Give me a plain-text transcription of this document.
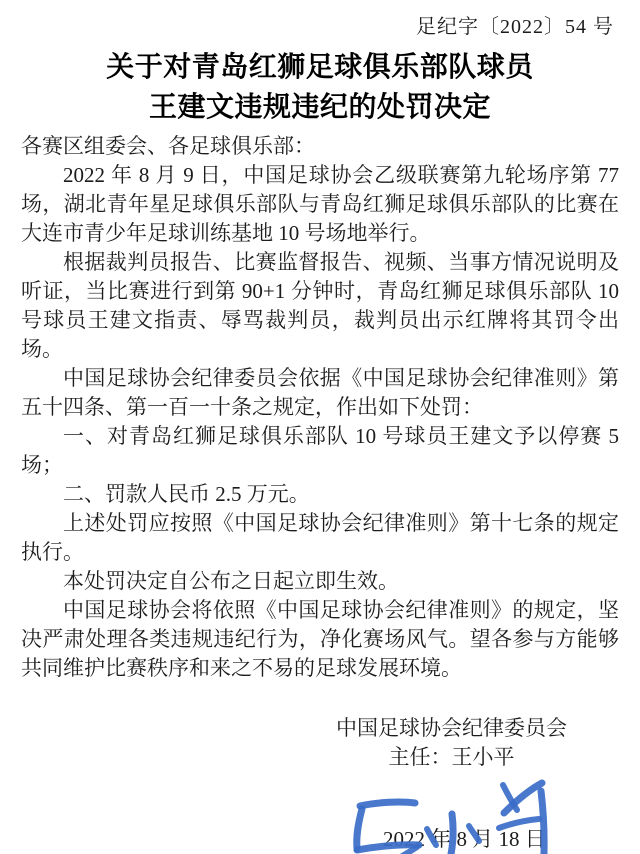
足纪字〔2022〕54 号
关于对青岛红狮足球俱乐部队球员
王建文违规违纪的处罚决定

各赛区组委会、各足球俱乐部：

2022 年 8 月 9 日，中国足球协会乙级联赛第九轮场序第 77 场，湖北青年星足球俱乐部队与青岛红狮足球俱乐部队的比赛在大连市青少年足球训练基地 10 号场地举行。

根据裁判员报告、比赛监督报告、视频、当事方情况说明及听证，当比赛进行到第 90+1 分钟时，青岛红狮足球俱乐部队 10 号球员王建文指责、辱骂裁判员，裁判员出示红牌将其罚令出场。

中国足球协会纪律委员会依据《中国足球协会纪律准则》第五十四条、第一百一十条之规定，作出如下处罚：

一、对青岛红狮足球俱乐部队 10 号球员王建文予以停赛 5 场；

二、罚款人民币 2.5 万元。

上述处罚应按照《中国足球协会纪律准则》第十七条的规定执行。

本处罚决定自公布之日起立即生效。

中国足球协会将依照《中国足球协会纪律准则》的规定，坚决严肃处理各类违规违纪行为，净化赛场风气。望各参与方能够共同维护比赛秩序和来之不易的足球发展环境。

中国足球协会纪律委员会
主任：王小平
2022 年 8 月 18 日
